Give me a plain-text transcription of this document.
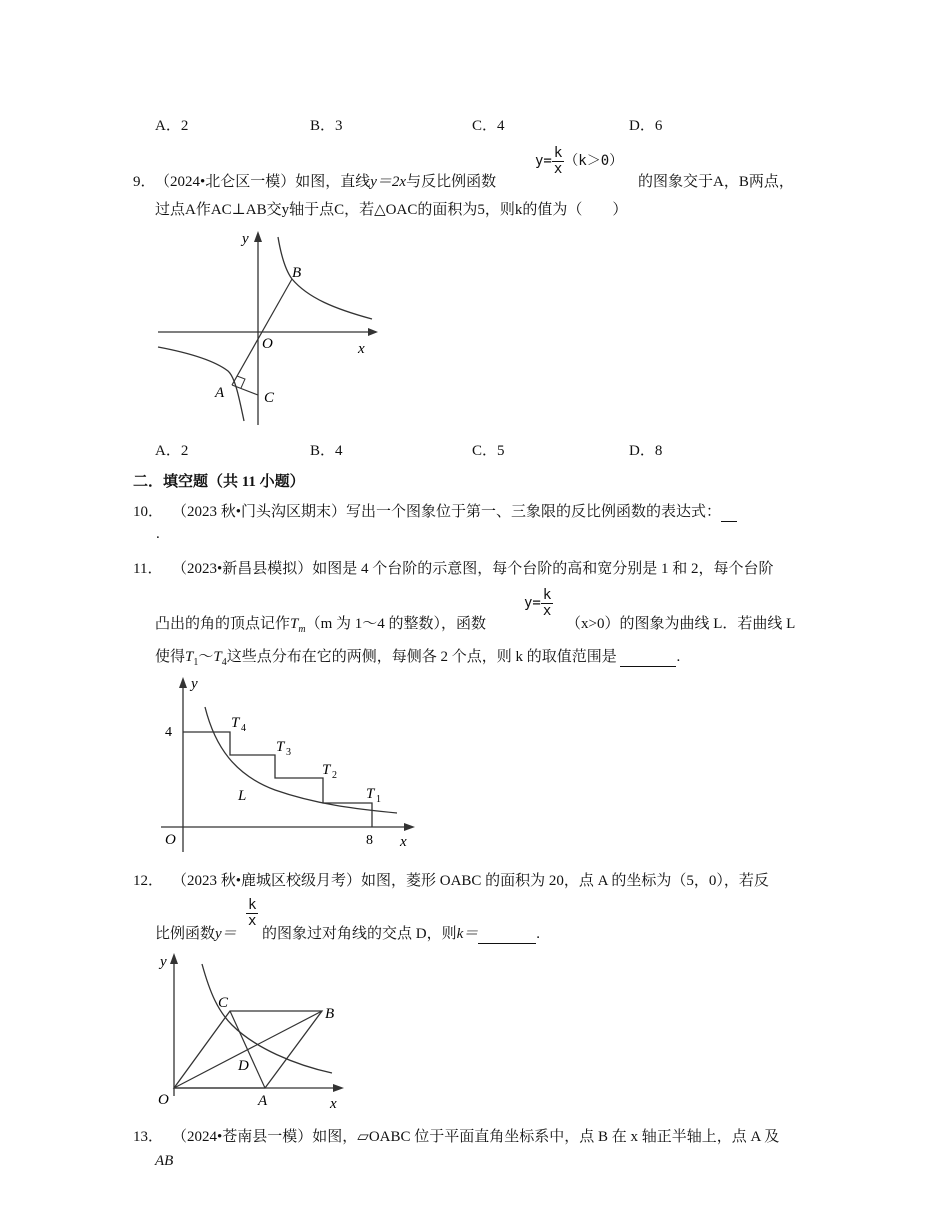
A．2	B．3	C．4	D．6
9． （2024•北仑区一模）如图，直线y＝2x与反比例函数
$y= \frac{k}{x} (k>0)$
的图象交于A，B两点，
过点A作AC⊥AB交y轴于点C，若△OAC的面积为5，则k的值为（　　）
y
x
O
B
A	C
A．2	B．4	C．5	D．8
二．填空题（共 11 小题）
10． （2023 秋•门头沟区期末）写出一个图象位于第一、三象限的反比例函数的表达式：
.
11． （2023•新昌县模拟）如图是 4 个台阶的示意图，每个台阶的高和宽分别是 1 和 2，每个台阶
凸出的角的顶点记作$T_m(m$ 为 1～4 的整数），函数
$y= \frac{k}{x}$
（x>0）的图象为曲线 L．若曲线 L
使得$T_1\sim T_4$这些点分布在它的两侧，每侧各 2 个点，则 k 的取值范围是	.
y
x
O
4
8
L
T 4
T 3
T 2
T 1
12． （2023 秋•鹿城区校级月考）如图，菱形 OABC 的面积为 20，点 A 的坐标为（5，0），若反
比例函数y＝
$\frac{k}{x}$
的图象过对角线的交点 D，则k＝	.
y
x
O	A
B
C
D
13． （2024•苍南县一模）如图，▱OABC 位于平面直角坐标系中，点 B 在 x 轴正半轴上，点 A 及
AB
